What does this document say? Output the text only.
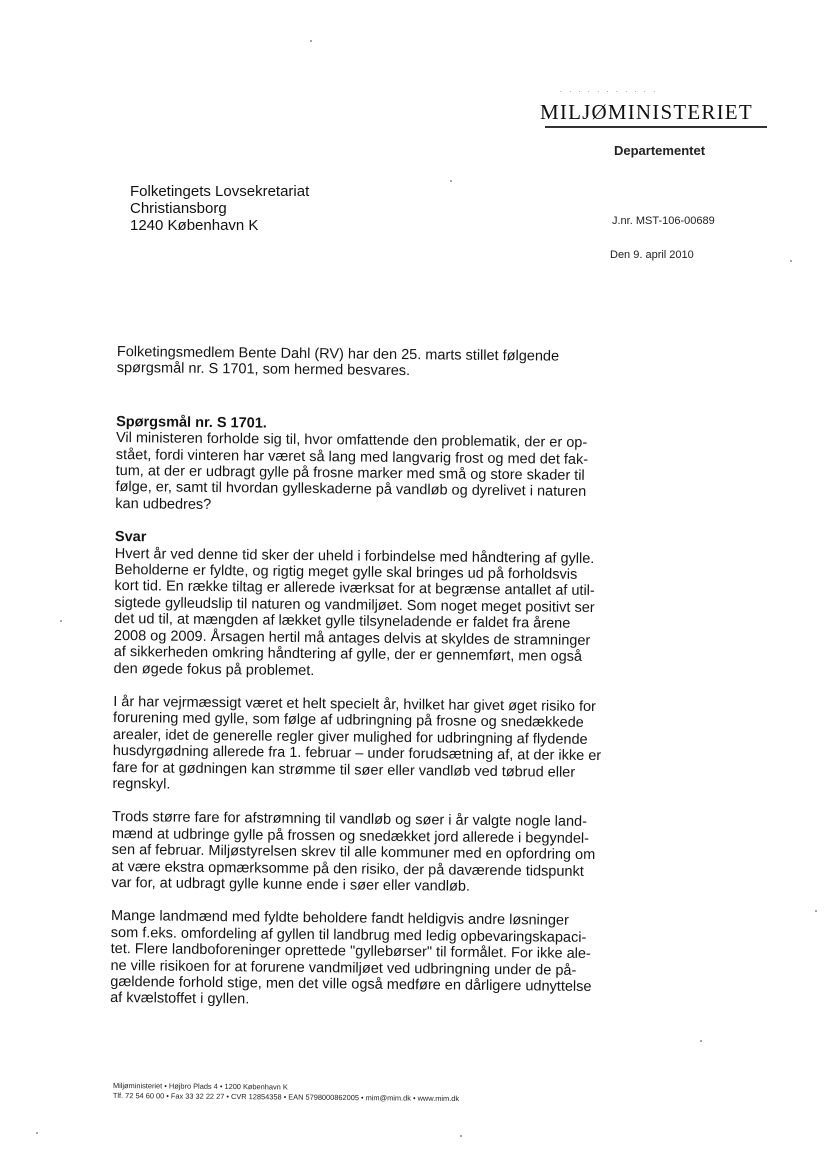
. . . . . . . . . . .
MILJØMINISTERIET
Departementet
Folketingets Lovsekretariat
Christiansborg
1240 København K	J.nr. MST-106-00689
Den 9. april 2010
Folketingsmedlem Bente Dahl (RV) har den 25. marts stillet følgende
spørgsmål nr. S 1701, som hermed besvares.
Spørgsmål nr. S 1701.
Vil ministeren forholde sig til, hvor omfattende den problematik, der er op-
stået, fordi vinteren har været så lang med langvarig frost og med det fak-
tum, at der er udbragt gylle på frosne marker med små og store skader til
følge, er, samt til hvordan gylleskaderne på vandløb og dyrelivet i naturen
kan udbedres?
Svar
Hvert år ved denne tid sker der uheld i forbindelse med håndtering af gylle.
Beholderne er fyldte, og rigtig meget gylle skal bringes ud på forholdsvis
kort tid. En række tiltag er allerede iværksat for at begrænse antallet af util-
sigtede gylleudslip til naturen og vandmiljøet. Som noget meget positivt ser
det ud til, at mængden af lækket gylle tilsyneladende er faldet fra årene
2008 og 2009. Årsagen hertil må antages delvis at skyldes de stramninger
af sikkerheden omkring håndtering af gylle, der er gennemført, men også
den øgede fokus på problemet.
I år har vejrmæssigt været et helt specielt år, hvilket har givet øget risiko for
forurening med gylle, som følge af udbringning på frosne og snedækkede
arealer, idet de generelle regler giver mulighed for udbringning af flydende
husdyrgødning allerede fra 1. februar – under forudsætning af, at der ikke er
fare for at gødningen kan strømme til søer eller vandløb ved tøbrud eller
regnskyl.
Trods større fare for afstrømning til vandløb og søer i år valgte nogle land-
mænd at udbringe gylle på frossen og snedækket jord allerede i begyndel-
sen af februar. Miljøstyrelsen skrev til alle kommuner med en opfordring om
at være ekstra opmærksomme på den risiko, der på daværende tidspunkt
var for, at udbragt gylle kunne ende i søer eller vandløb.
Mange landmænd med fyldte beholdere fandt heldigvis andre løsninger
som f.eks. omfordeling af gyllen til landbrug med ledig opbevaringskapaci-
tet. Flere landboforeninger oprettede "gyllebørser" til formålet. For ikke ale-
ne ville risikoen for at forurene vandmiljøet ved udbringning under de på-
gældende forhold stige, men det ville også medføre en dårligere udnyttelse
af kvælstoffet i gyllen.
Miljøministeriet • Højbro Plads 4 • 1200 København K
Tlf. 72 54 60 00 • Fax 33 32 22 27 • CVR 12854358 • EAN 5798000862005 • mim@mim.dk • www.mim.dk
